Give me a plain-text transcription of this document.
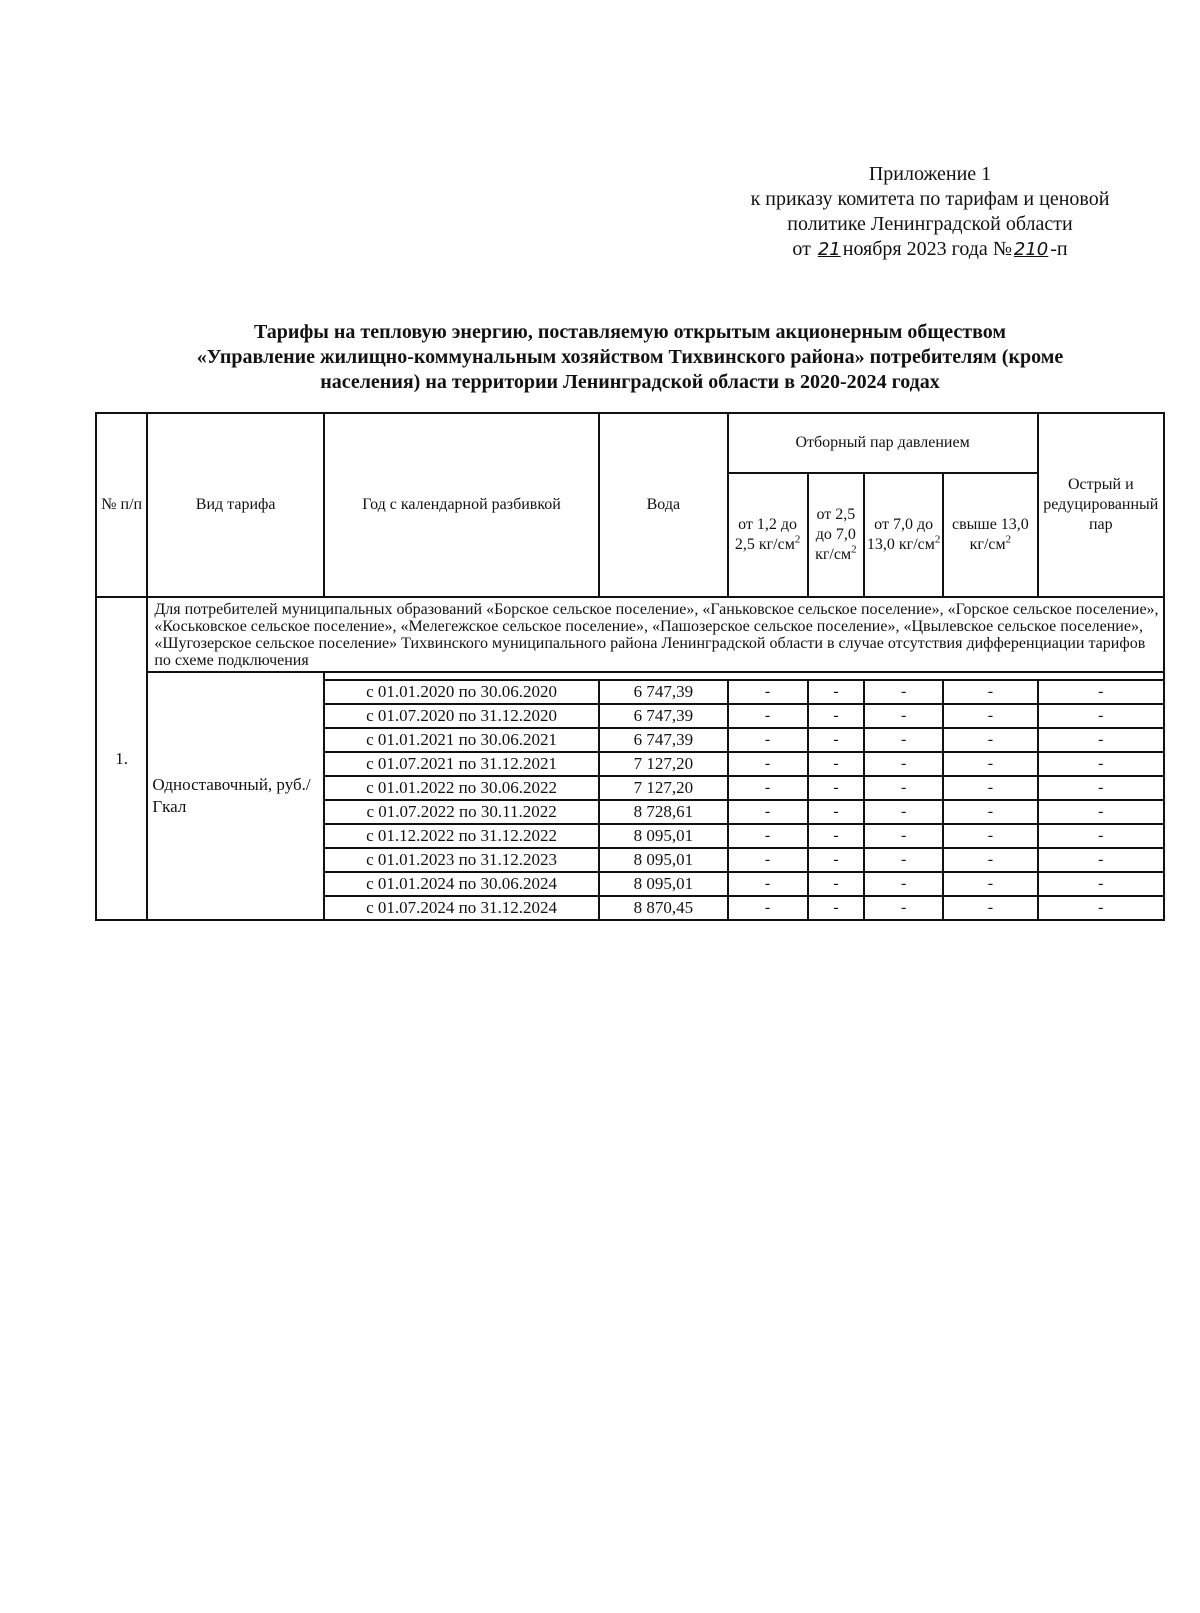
Приложение 1
к приказу комитета по тарифам и ценовой
политике Ленинградской области
от 21 ноября 2023 года № 210 -п
Тарифы на тепловую энергию, поставляемую открытым акционерным обществом
«Управление жилищно-коммунальным хозяйством Тихвинского района» потребителям (кроме
населения) на территории Ленинградской области в 2020-2024 годах
№ п/п	Вид тарифа	Год с календарной разбивкой	Вода	Отборный пар давлением				Острый и редуцированный пар
				от 1,2 до 2,5 $кг/см^2$	от 2,5 до 7,0 $кг/см^2$	от 7,0 до 13,0 $кг/см^2$	свыше 13,0 $кг/см^2$
1.	Для потребителей муниципальных образований «Борское сельское поселение», «Ганьковское сельское поселение», «Горское сельское поселение», «Коськовское сельское поселение», «Мелегежское сельское поселение», «Пашозерское сельское поселение», «Цвылевское сельское поселение», «Шугозерское сельское поселение» Тихвинского муниципального района Ленинградской области в случае отсутствия дифференциации тарифов по схеме подключения							
	Одноставочный, руб./Гкал							
		с 01.01.2020 по 30.06.2020	6 747,39	-	-	-	-	-
		с 01.07.2020 по 31.12.2020	6 747,39	-	-	-	-	-
		с 01.01.2021 по 30.06.2021	6 747,39	-	-	-	-	-
		с 01.07.2021 по 31.12.2021	7 127,20	-	-	-	-	-
		с 01.01.2022 по 30.06.2022	7 127,20	-	-	-	-	-
		с 01.07.2022 по 30.11.2022	8 728,61	-	-	-	-	-
		с 01.12.2022 по 31.12.2022	8 095,01	-	-	-	-	-
		с 01.01.2023 по 31.12.2023	8 095,01	-	-	-	-	-
		с 01.01.2024 по 30.06.2024	8 095,01	-	-	-	-	-
		с 01.07.2024 по 31.12.2024	8 870,45	-	-	-	-	-
